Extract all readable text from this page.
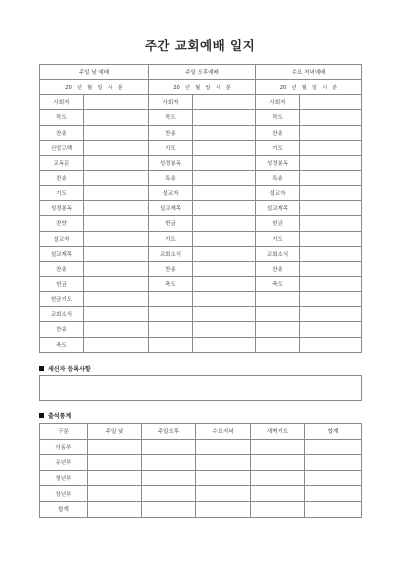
주간 교회예배 일지
주일 낮 예배		주일 오후예배		수요 저녁예배	
20　년　월　일　시　분		20　년　월　일　시　분		20　년　월　일　시　분	
사회자		사회자		사회자	
묵도		묵도		묵도	
찬송		찬송		찬송	
신앙고백		기도		기도	
교독문		성경봉독		성경봉독	
찬송		특송		특송	
기도		설교자		설교자	
성경봉독		설교제목		설교제목	
찬양		헌금		헌금	
설교자		기도		기도	
설교제목		교회소식		교회소식	
찬송		찬송		찬송	
헌금		축도		축도	
헌금기도					
교회소식					
찬송					
축도					
새신자 등록사항
출석통계
구분	주일 낮	주일오후	수요저녁	새벽기도	합계
아동부					
유년부					
청년부					
장년부					
합계					
